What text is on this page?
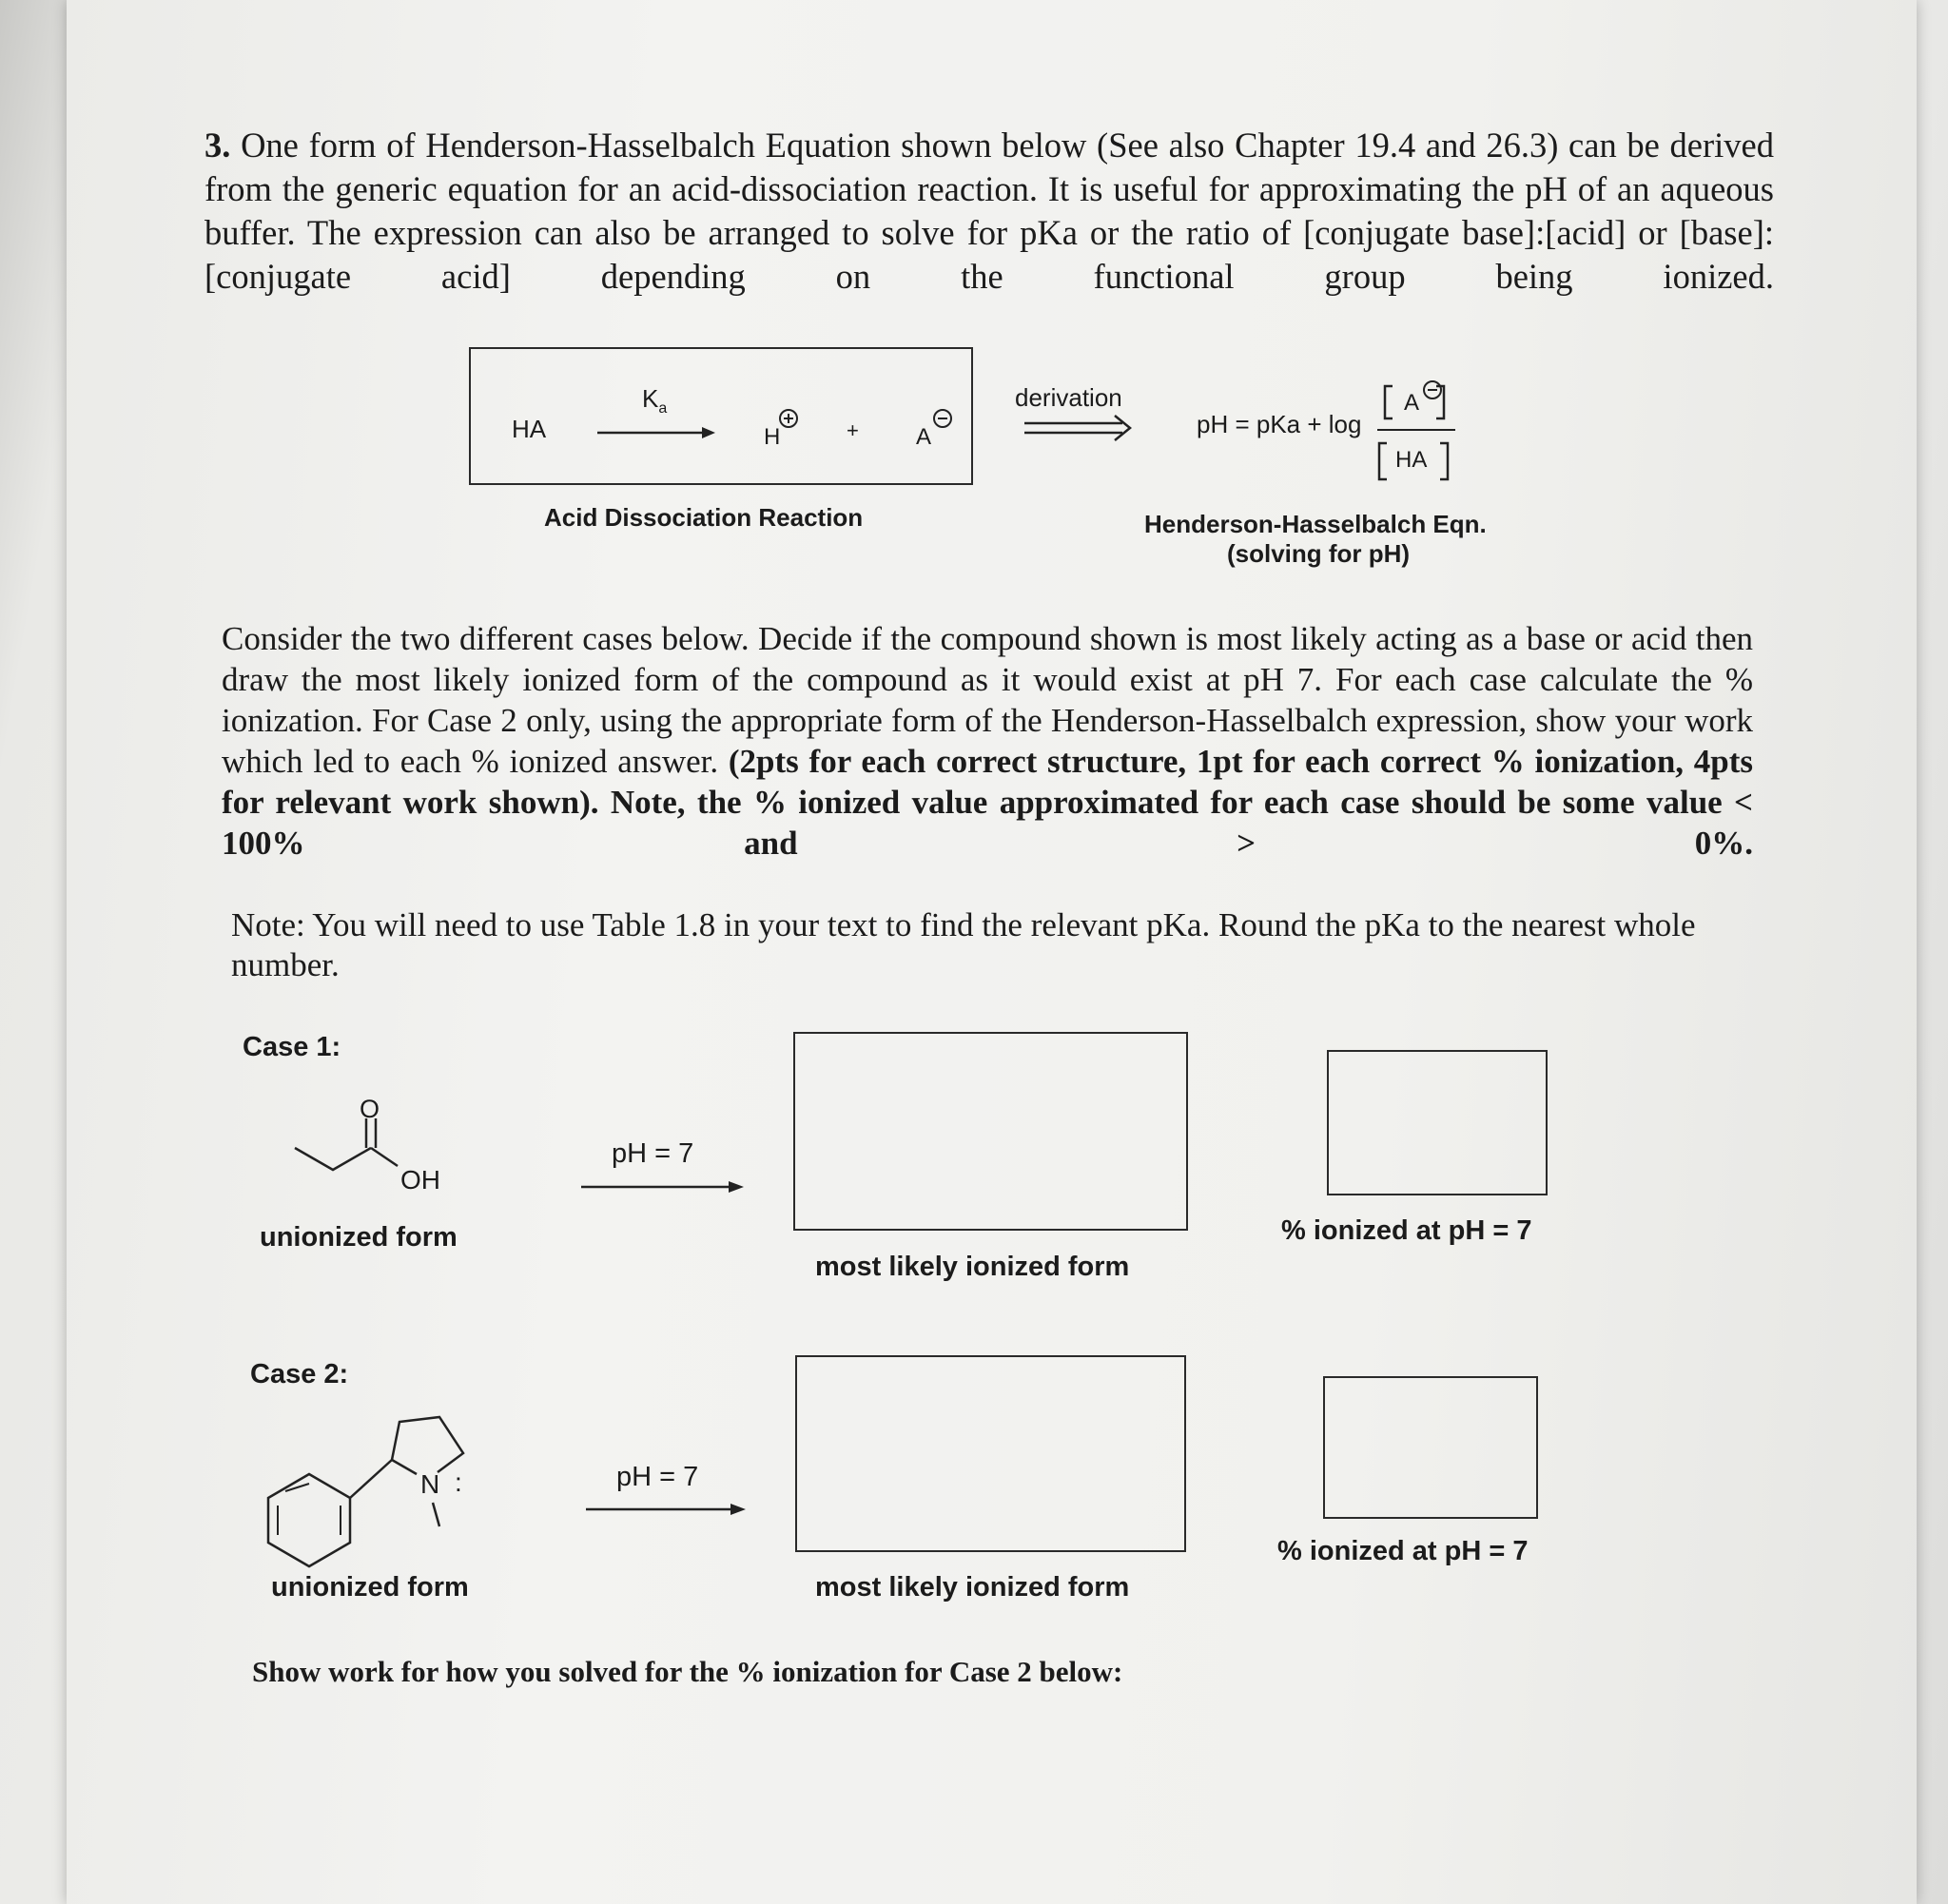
3. One form of Henderson-Hasselbalch Equation shown below (See also Chapter 19.4 and 26.3) can be derived from the generic equation for an acid-dissociation reaction. It is useful for approximating the pH of an aqueous buffer. The expression can also be arranged to solve for pKa or the ratio of [conjugate base]:[acid] or [base]:[conjugate acid] depending on the functional group being ionized.
HA
$K_a$
H	+	A
derivation
pH = pKa + log
A
HA
Acid Dissociation Reaction	Henderson-Hasselbalch Eqn.
(solving for pH)
Consider the two different cases below. Decide if the compound shown is most likely acting as a base or acid then draw the most likely ionized form of the compound as it would exist at pH 7. For each case calculate the % ionization. For Case 2 only, using the appropriate form of the Henderson-Hasselbalch expression, show your work which led to each % ionized answer. (2pts for each correct structure, 1pt for each correct % ionization, 4pts for relevant work shown). Note, the % ionized value approximated for each case should be some value < 100% and > 0%.
Note: You will need to use Table 1.8 in your text to find the relevant pKa. Round the pKa to the nearest whole number.
Case 1:
O
OH
pH = 7
unionized form
most likely ionized form
% ionized at pH = 7
Case 2:
N :	pH = 7
unionized form	most likely ionized form
% ionized at pH = 7
Show work for how you solved for the % ionization for Case 2 below:
